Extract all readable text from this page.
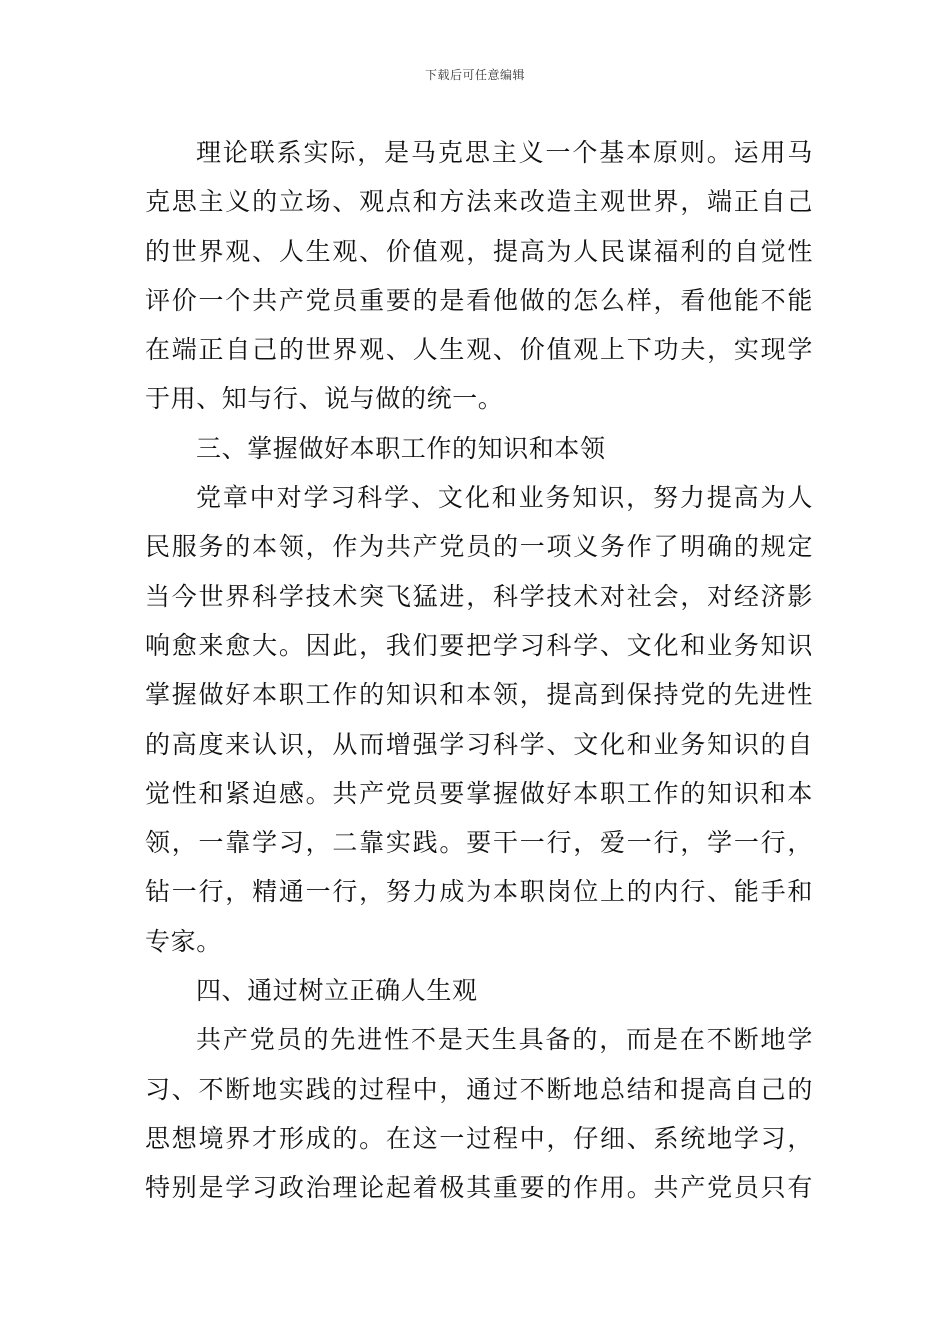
下载后可任意编辑
理论联系实际，是马克思主义一个基本原则。运用马
克思主义的立场、观点和方法来改造主观世界，端正自己
的世界观、人生观、价值观，提高为人民谋福利的自觉性
评价一个共产党员重要的是看他做的怎么样，看他能不能
在端正自己的世界观、人生观、价值观上下功夫，实现学
于用、知与行、说与做的统一。
三、掌握做好本职工作的知识和本领
党章中对学习科学、文化和业务知识，努力提高为人
民服务的本领，作为共产党员的一项义务作了明确的规定
当今世界科学技术突飞猛进，科学技术对社会，对经济影
响愈来愈大。因此，我们要把学习科学、文化和业务知识
掌握做好本职工作的知识和本领，提高到保持党的先进性
的高度来认识，从而增强学习科学、文化和业务知识的自
觉性和紧迫感。共产党员要掌握做好本职工作的知识和本
领，一靠学习，二靠实践。要干一行，爱一行，学一行，
钻一行，精通一行，努力成为本职岗位上的内行、能手和
专家。
四、通过树立正确人生观
共产党员的先进性不是天生具备的，而是在不断地学
习、不断地实践的过程中，通过不断地总结和提高自己的
思想境界才形成的。在这一过程中，仔细、系统地学习，
特别是学习政治理论起着极其重要的作用。共产党员只有
